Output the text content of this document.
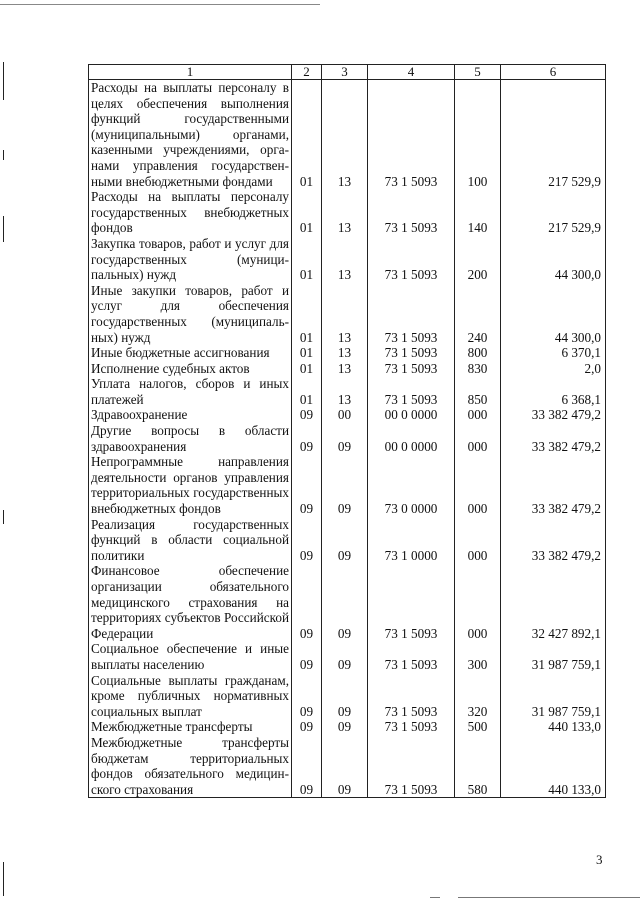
1	2	3	4	5	6
Расходы на выплаты персоналу в целях обеспечения выполнения функций государственными (муниципальными) органами, казенными учреждениями, органами управления государственными внебюджетными фондами	01	13	73 1 5093	100	217 529,9
Расходы на выплаты персоналу государственных внебюджетных фондов	01	13	73 1 5093	140	217 529,9
Закупка товаров, работ и услуг для государственных (муниципальных) нужд	01	13	73 1 5093	200	44 300,0
Иные закупки товаров, работ и услуг для обеспечения государственных (муниципальных) нужд	01	13	73 1 5093	240	44 300,0
Иные бюджетные ассигнования	01	13	73 1 5093	800	6 370,1
Исполнение судебных актов	01	13	73 1 5093	830	2,0
Уплата налогов, сборов и иных платежей	01	13	73 1 5093	850	6 368,1
Здравоохранение	09	00	00 0 0000	000	33 382 479,2
Другие вопросы в области здравоохранения	09	09	00 0 0000	000	33 382 479,2
Непрограммные направления деятельности органов управления территориальных государственных внебюджетных фондов	09	09	73 0 0000	000	33 382 479,2
Реализация государственных функций в области социальной политики	09	09	73 1 0000	000	33 382 479,2
Финансовое обеспечение организации обязательного медицинского страхования на территориях субъектов Российской Федерации	09	09	73 1 5093	000	32 427 892,1
Социальное обеспечение и иные выплаты населению	09	09	73 1 5093	300	31 987 759,1
Социальные выплаты гражданам, кроме публичных нормативных социальных выплат	09	09	73 1 5093	320	31 987 759,1
Межбюджетные трансферты	09	09	73 1 5093	500	440 133,0
Межбюджетные трансферты бюджетам территориальных фондов обязательного медицинского страхования	09	09	73 1 5093	580	440 133,0
3
